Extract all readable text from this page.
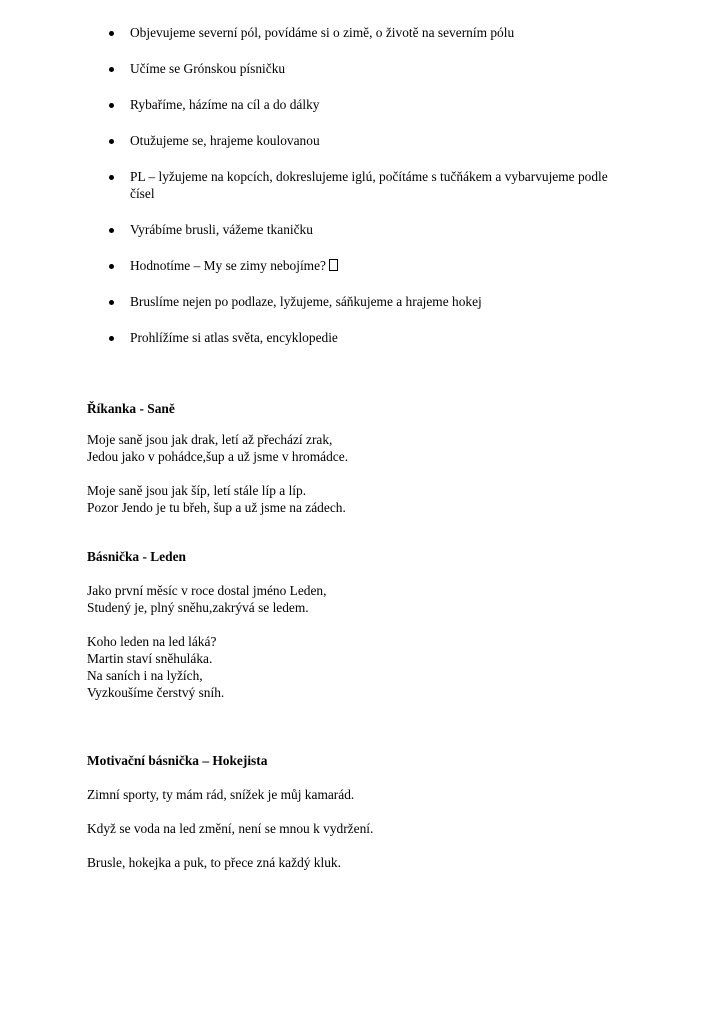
Objevujeme severní pól, povídáme si o zimě, o životě na severním pólu
Učíme se Grónskou písničku
Rybaříme, házíme na cíl a do dálky
Otužujeme se, hrajeme koulovanou
PL – lyžujeme na kopcích, dokreslujeme iglú, počítáme s tučňákem a vybarvujeme podle čísel
Vyrábíme brusli, vážeme tkaničku
Hodnotíme – My se zimy nebojíme?
Bruslíme nejen po podlaze, lyžujeme, sáňkujeme a hrajeme hokej
Prohlížíme si atlas světa, encyklopedie
Říkanka - Saně
Moje saně jsou jak drak, letí až přechází zrak,
Jedou jako v pohádce,šup a už jsme v hromádce.
Moje saně jsou jak šíp, letí stále líp a líp.
Pozor Jendo je tu břeh, šup a už jsme na zádech.
Básnička - Leden
Jako první měsíc v roce dostal jméno Leden,
Studený je, plný sněhu,zakrývá se ledem.
Koho leden na led láká?
Martin staví sněhuláka.
Na saních i na lyžích,
Vyzkoušíme čerstvý sníh.
Motivační básnička – Hokejista
Zimní sporty, ty mám rád, snížek je můj kamarád.
Když se voda na led změní, není se mnou k vydržení.
Brusle, hokejka a puk, to přece zná každý kluk.
